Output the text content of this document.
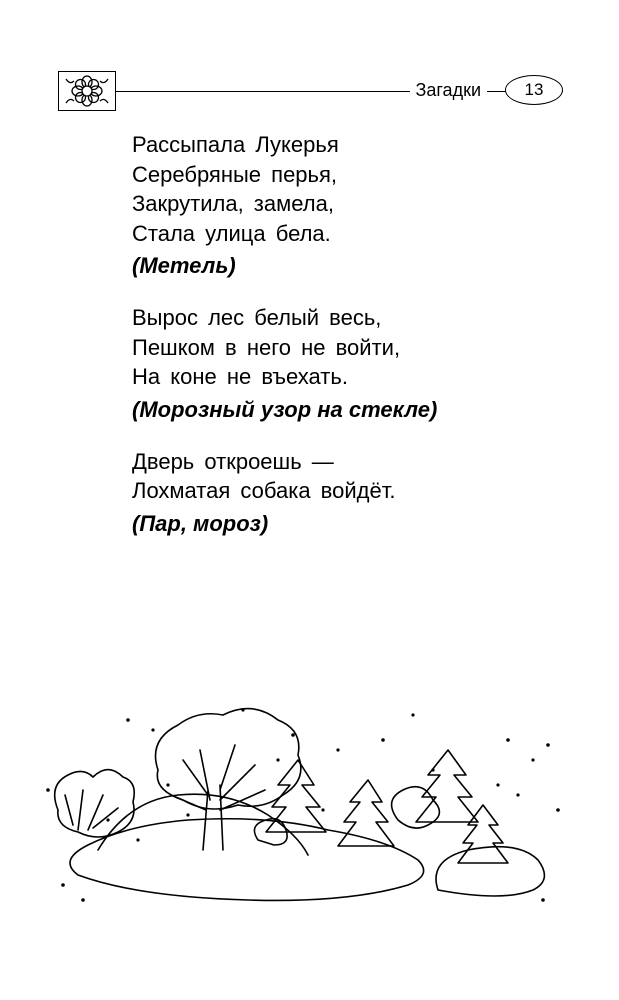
Загадки	13
Рассыпала Лукерья
Серебряные перья,
Закрутила, замела,
Стала улица бела.
(Метель)
Вырос лес белый весь,
Пешком в него не войти,
На коне не въехать.
(Морозный узор на стекле)
Дверь откроешь —
Лохматая собака войдёт.
(Пар, мороз)
